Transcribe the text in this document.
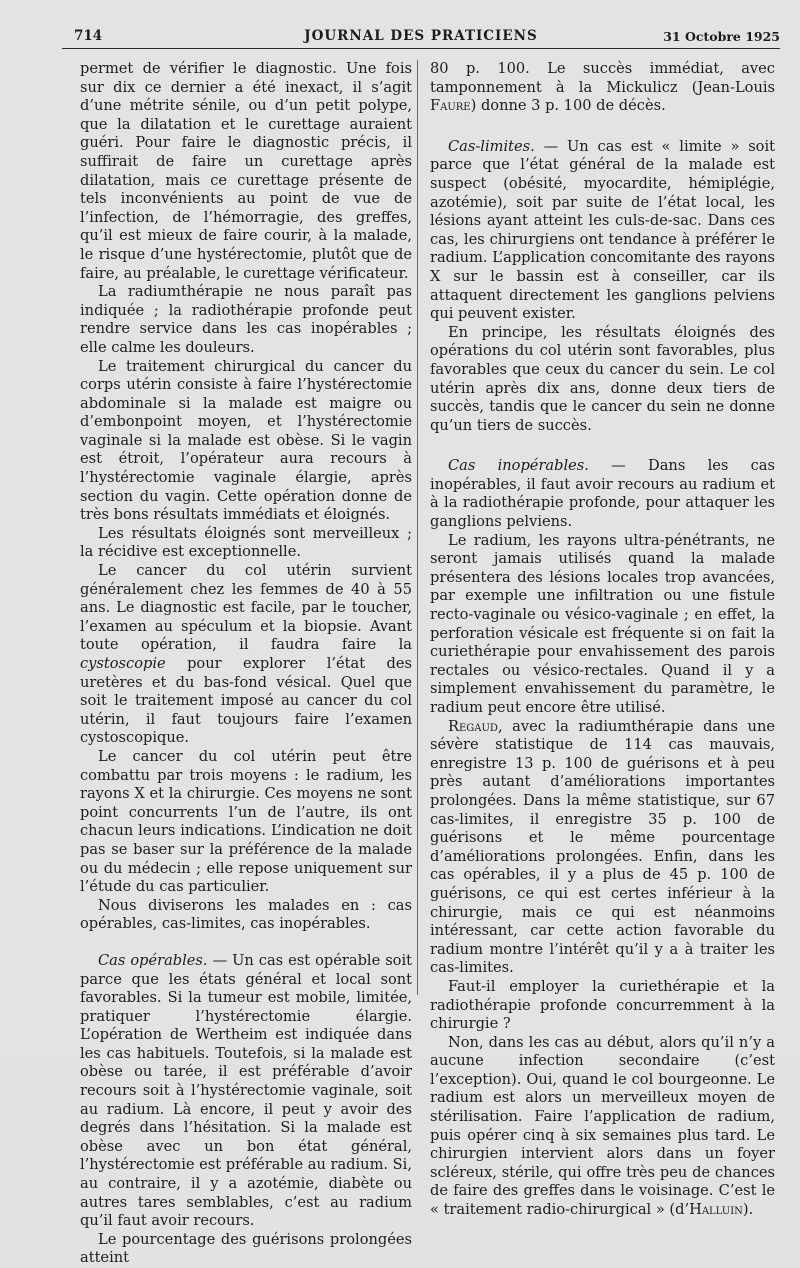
714	JOURNAL DES PRATICIENS	31 Octobre 1925

permet de vérifier le diagnostic. Une fois sur dix ce dernier a été inexact, il s’agit d’une métrite sénile, ou d’un petit polype, que la dilatation et le curettage auraient guéri. Pour faire le diagnostic précis, il suffirait de faire un curettage après dilatation, mais ce curettage présente de tels inconvénients au point de vue de l’infection, de l’hémorragie, des greffes, qu’il est mieux de faire courir, à la malade, le risque d’une hystérectomie, plutôt que de faire, au préalable, le curettage vérificateur.

La radiumthérapie ne nous paraît pas indiquée ; la radiothérapie profonde peut rendre service dans les cas inopérables ; elle calme les douleurs.

Le traitement chirurgical du cancer du corps utérin consiste à faire l’hystérectomie abdominale si la malade est maigre ou d’embonpoint moyen, et l’hystérectomie vaginale si la malade est obèse. Si le vagin est étroit, l’opérateur aura recours à l’hystérectomie vaginale élargie, après section du vagin. Cette opération donne de très bons résultats immédiats et éloignés.

Les résultats éloignés sont merveilleux ; la récidive est exceptionnelle.

Le cancer du col utérin survient généralement chez les femmes de 40 à 55 ans. Le diagnostic est facile, par le toucher, l’examen au spéculum et la biopsie. Avant toute opération, il faudra faire la cystoscopie pour explorer l’état des uretères et du bas-fond vésical. Quel que soit le traitement imposé au cancer du col utérin, il faut toujours faire l’examen cystoscopique.

Le cancer du col utérin peut être combattu par trois moyens : le radium, les rayons X et la chirurgie. Ces moyens ne sont point concurrents l’un de l’autre, ils ont chacun leurs indications. L’indication ne doit pas se baser sur la préférence de la malade ou du médecin ; elle repose uniquement sur l’étude du cas particulier.

Nous diviserons les malades en : cas opérables, cas-limites, cas inopérables.

Cas opérables. — Un cas est opérable soit parce que les états général et local sont favorables. Si la tumeur est mobile, limitée, pratiquer l’hystérectomie élargie. L’opération de Wertheim est indiquée dans les cas habituels. Toutefois, si la malade est obèse ou tarée, il est préférable d’avoir recours soit à l’hystérectomie vaginale, soit au radium. Là encore, il peut y avoir des degrés dans l’hésitation. Si la malade est obèse avec un bon état général, l’hystérectomie est préférable au radium. Si, au contraire, il y a azotémie, diabète ou autres tares semblables, c’est au radium qu’il faut avoir recours.

Le pourcentage des guérisons prolongées atteint

80 p. 100. Le succès immédiat, avec tamponnement à la Mickulicz (Jean-Louis Faure) donne 3 p. 100 de décès.

Cas-limites. — Un cas est « limite » soit parce que l’état général de la malade est suspect (obésité, myocardite, hémiplégie, azotémie), soit par suite de l’état local, les lésions ayant atteint les culs-de-sac. Dans ces cas, les chirurgiens ont tendance à préférer le radium. L’application concomitante des rayons X sur le bassin est à conseiller, car ils attaquent directement les ganglions pelviens qui peuvent exister.

En principe, les résultats éloignés des opérations du col utérin sont favorables, plus favorables que ceux du cancer du sein. Le col utérin après dix ans, donne deux tiers de succès, tandis que le cancer du sein ne donne qu’un tiers de succès.

Cas inopérables. — Dans les cas inopérables, il faut avoir recours au radium et à la radiothérapie profonde, pour attaquer les ganglions pelviens.

Le radium, les rayons ultra-pénétrants, ne seront jamais utilisés quand la malade présentera des lésions locales trop avancées, par exemple une infiltration ou une fistule recto-vaginale ou vésico-vaginale ; en effet, la perforation vésicale est fréquente si on fait la curiethérapie pour envahissement des parois rectales ou vésico-rectales. Quand il y a simplement envahissement du paramètre, le radium peut encore être utilisé.

Regaud, avec la radiumthérapie dans une sévère statistique de 114 cas mauvais, enregistre 13 p. 100 de guérisons et à peu près autant d’améliorations importantes prolongées. Dans la même statistique, sur 67 cas-limites, il enregistre 35 p. 100 de guérisons et le même pourcentage d’améliorations prolongées. Enfin, dans les cas opérables, il y a plus de 45 p. 100 de guérisons, ce qui est certes inférieur à la chirurgie, mais ce qui est néanmoins intéressant, car cette action favorable du radium montre l’intérêt qu’il y a à traiter les cas-limites.

Faut-il employer la curiethérapie et la radiothérapie profonde concurremment à la chirurgie ?

Non, dans les cas au début, alors qu’il n’y a aucune infection secondaire (c’est l’exception). Oui, quand le col bourgeonne. Le radium est alors un merveilleux moyen de stérilisation. Faire l’application de radium, puis opérer cinq à six semaines plus tard. Le chirurgien intervient alors dans un foyer scléreux, stérile, qui offre très peu de chances de faire des greffes dans le voisinage. C’est le « traitement radio-chirurgical » (d’Halluin).
